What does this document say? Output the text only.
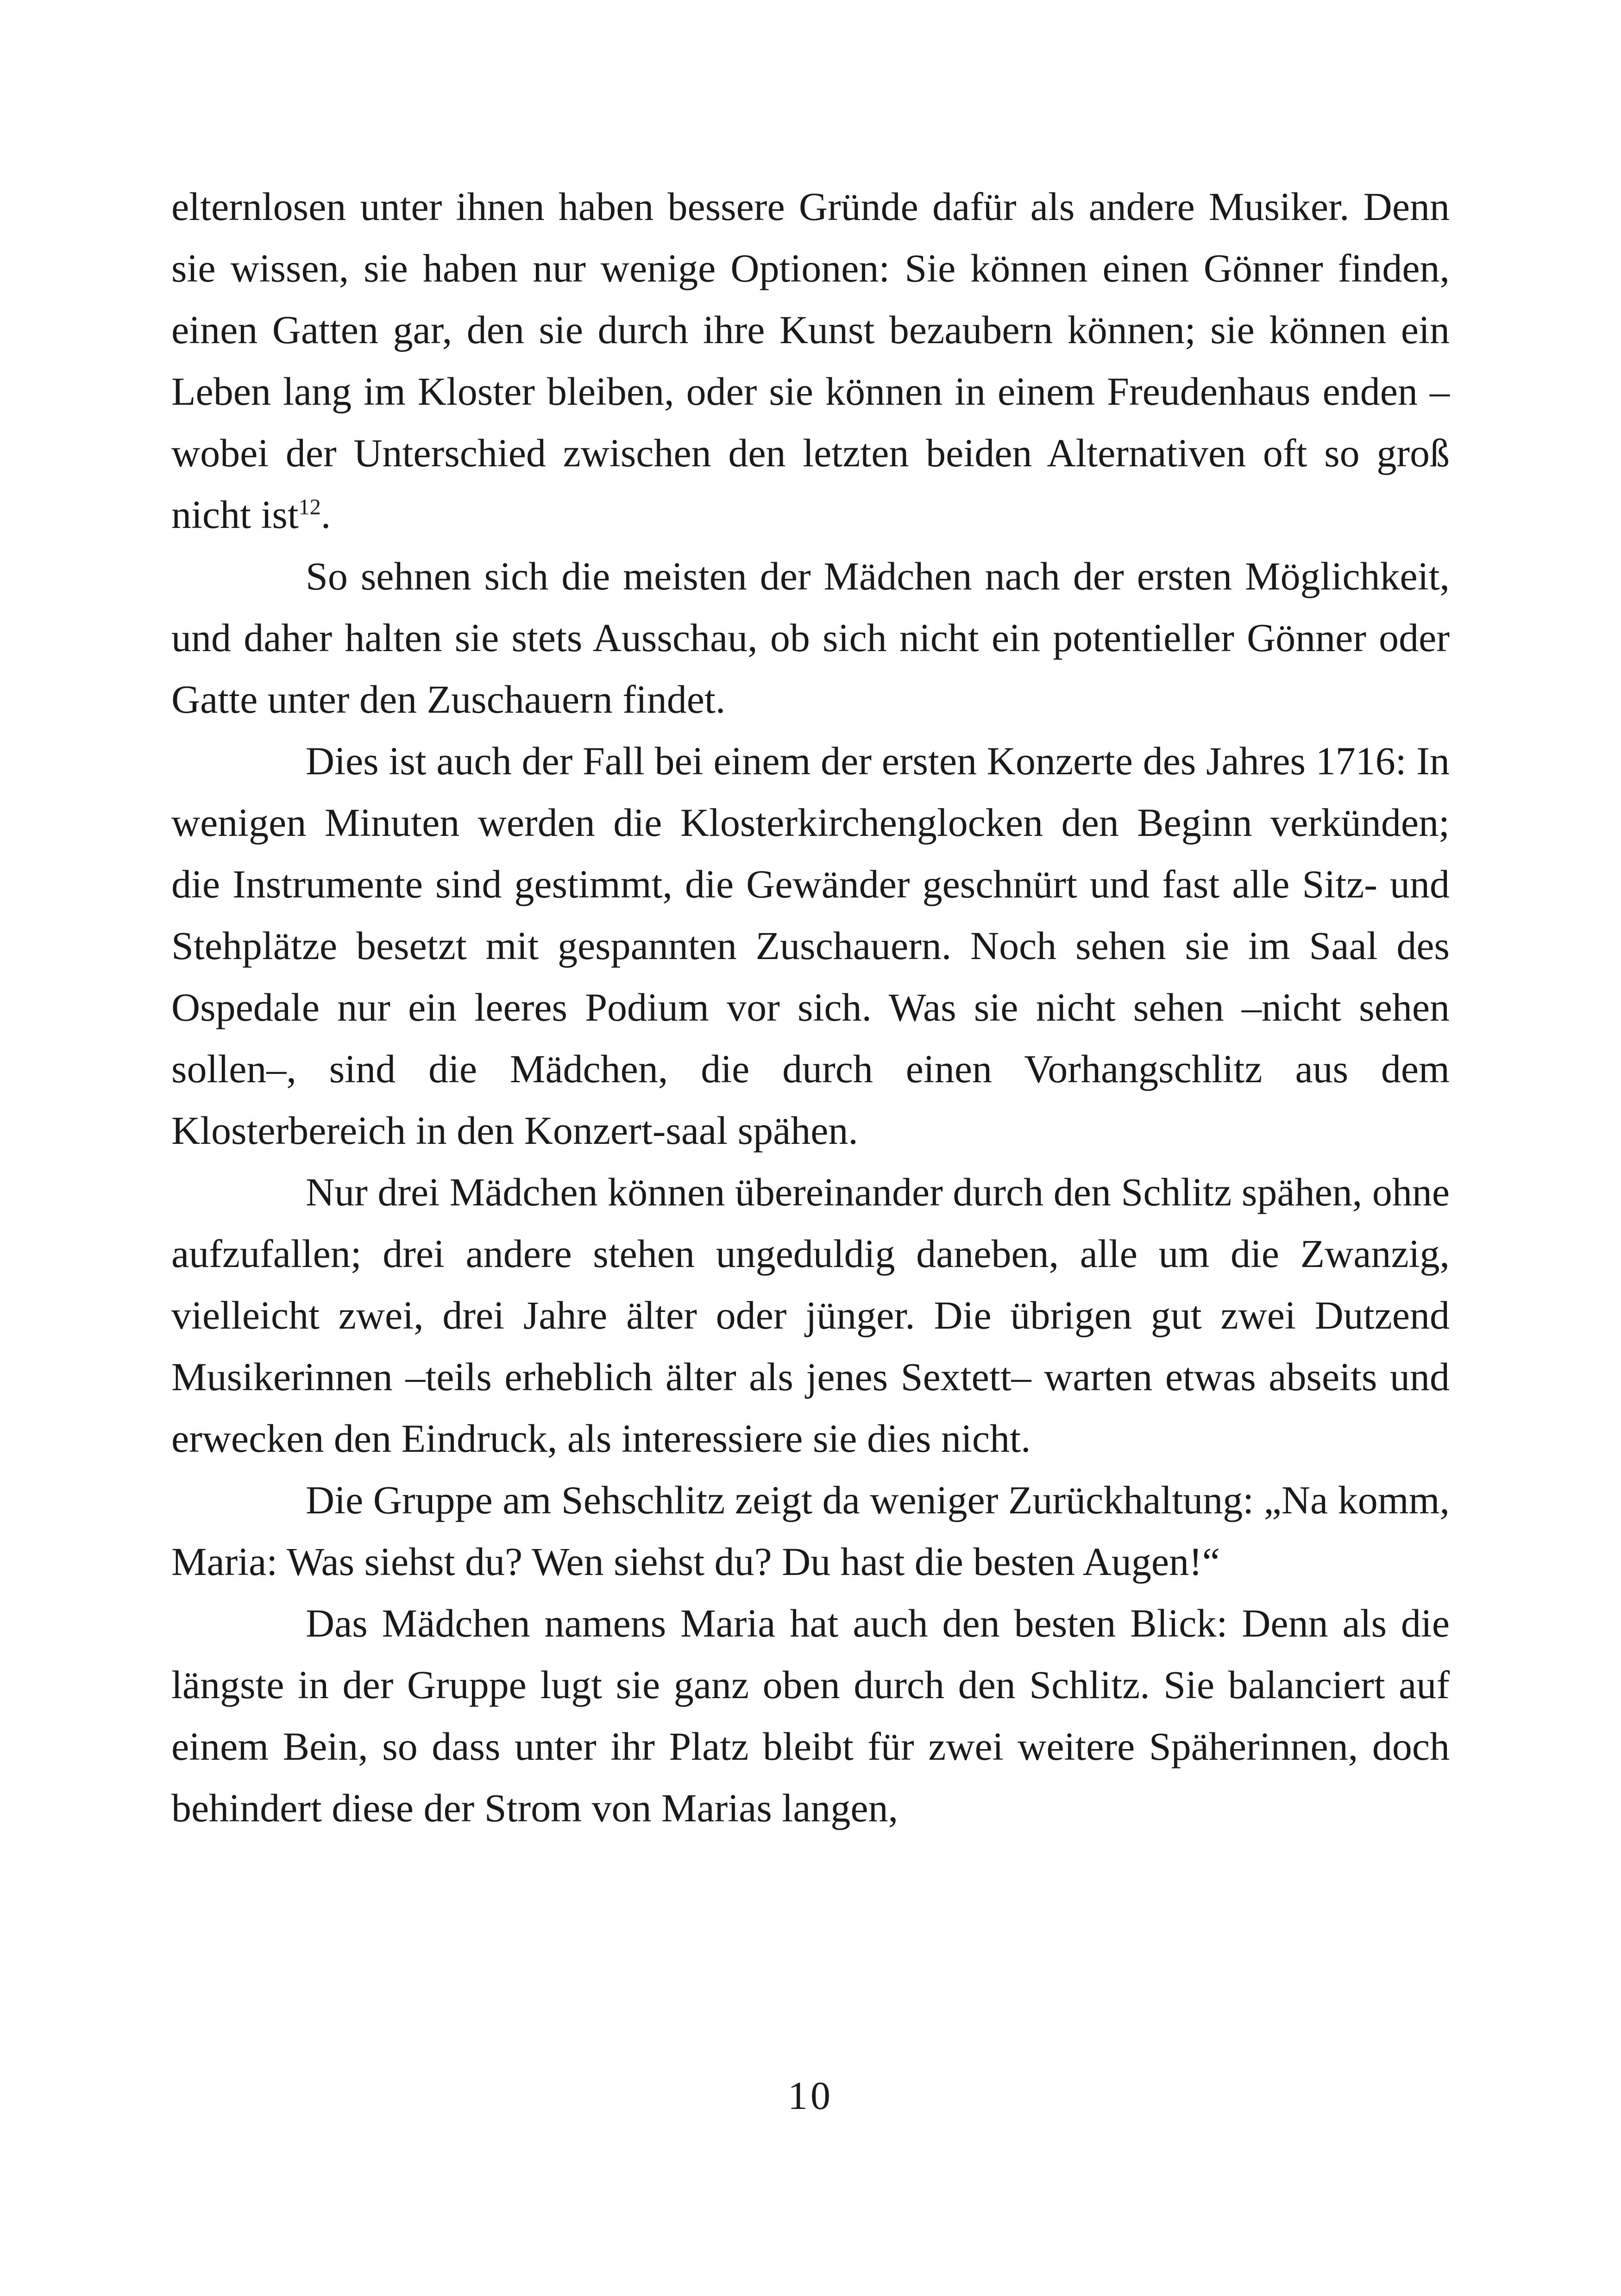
elternlosen unter ihnen haben bessere Gründe dafür als andere Musiker. Denn sie wissen, sie haben nur wenige Optionen: Sie können einen Gönner finden, einen Gatten gar, den sie durch ihre Kunst bezaubern können; sie können ein Leben lang im Kloster bleiben, oder sie können in einem Freudenhaus enden –wobei der Unterschied zwischen den letzten beiden Alternativen oft so groß nicht ist$^{12}$.

So sehnen sich die meisten der Mädchen nach der ersten Möglichkeit, und daher halten sie stets Ausschau, ob sich nicht ein potentieller Gönner oder Gatte unter den Zuschauern findet.

Dies ist auch der Fall bei einem der ersten Konzerte des Jahres 1716: In wenigen Minuten werden die Klosterkirchenglocken den Beginn verkünden; die Instrumente sind gestimmt, die Gewänder geschnürt und fast alle Sitz- und Stehplätze besetzt mit gespannten Zuschauern. Noch sehen sie im Saal des Ospedale nur ein leeres Podium vor sich. Was sie nicht sehen –nicht sehen sollen–, sind die Mädchen, die durch einen Vorhangschlitz aus dem Klosterbereich in den Konzert-saal spähen.

Nur drei Mädchen können übereinander durch den Schlitz spähen, ohne aufzufallen; drei andere stehen ungeduldig daneben, alle um die Zwanzig, vielleicht zwei, drei Jahre älter oder jünger. Die übrigen gut zwei Dutzend Musikerinnen –teils erheblich älter als jenes Sextett– warten etwas abseits und erwecken den Eindruck, als interessiere sie dies nicht.

Die Gruppe am Sehschlitz zeigt da weniger Zurückhaltung: „Na komm, Maria: Was siehst du? Wen siehst du? Du hast die besten Augen!“

Das Mädchen namens Maria hat auch den besten Blick: Denn als die längste in der Gruppe lugt sie ganz oben durch den Schlitz. Sie balanciert auf einem Bein, so dass unter ihr Platz bleibt für zwei weitere Späherinnen, doch behindert diese der Strom von Marias langen,

10
